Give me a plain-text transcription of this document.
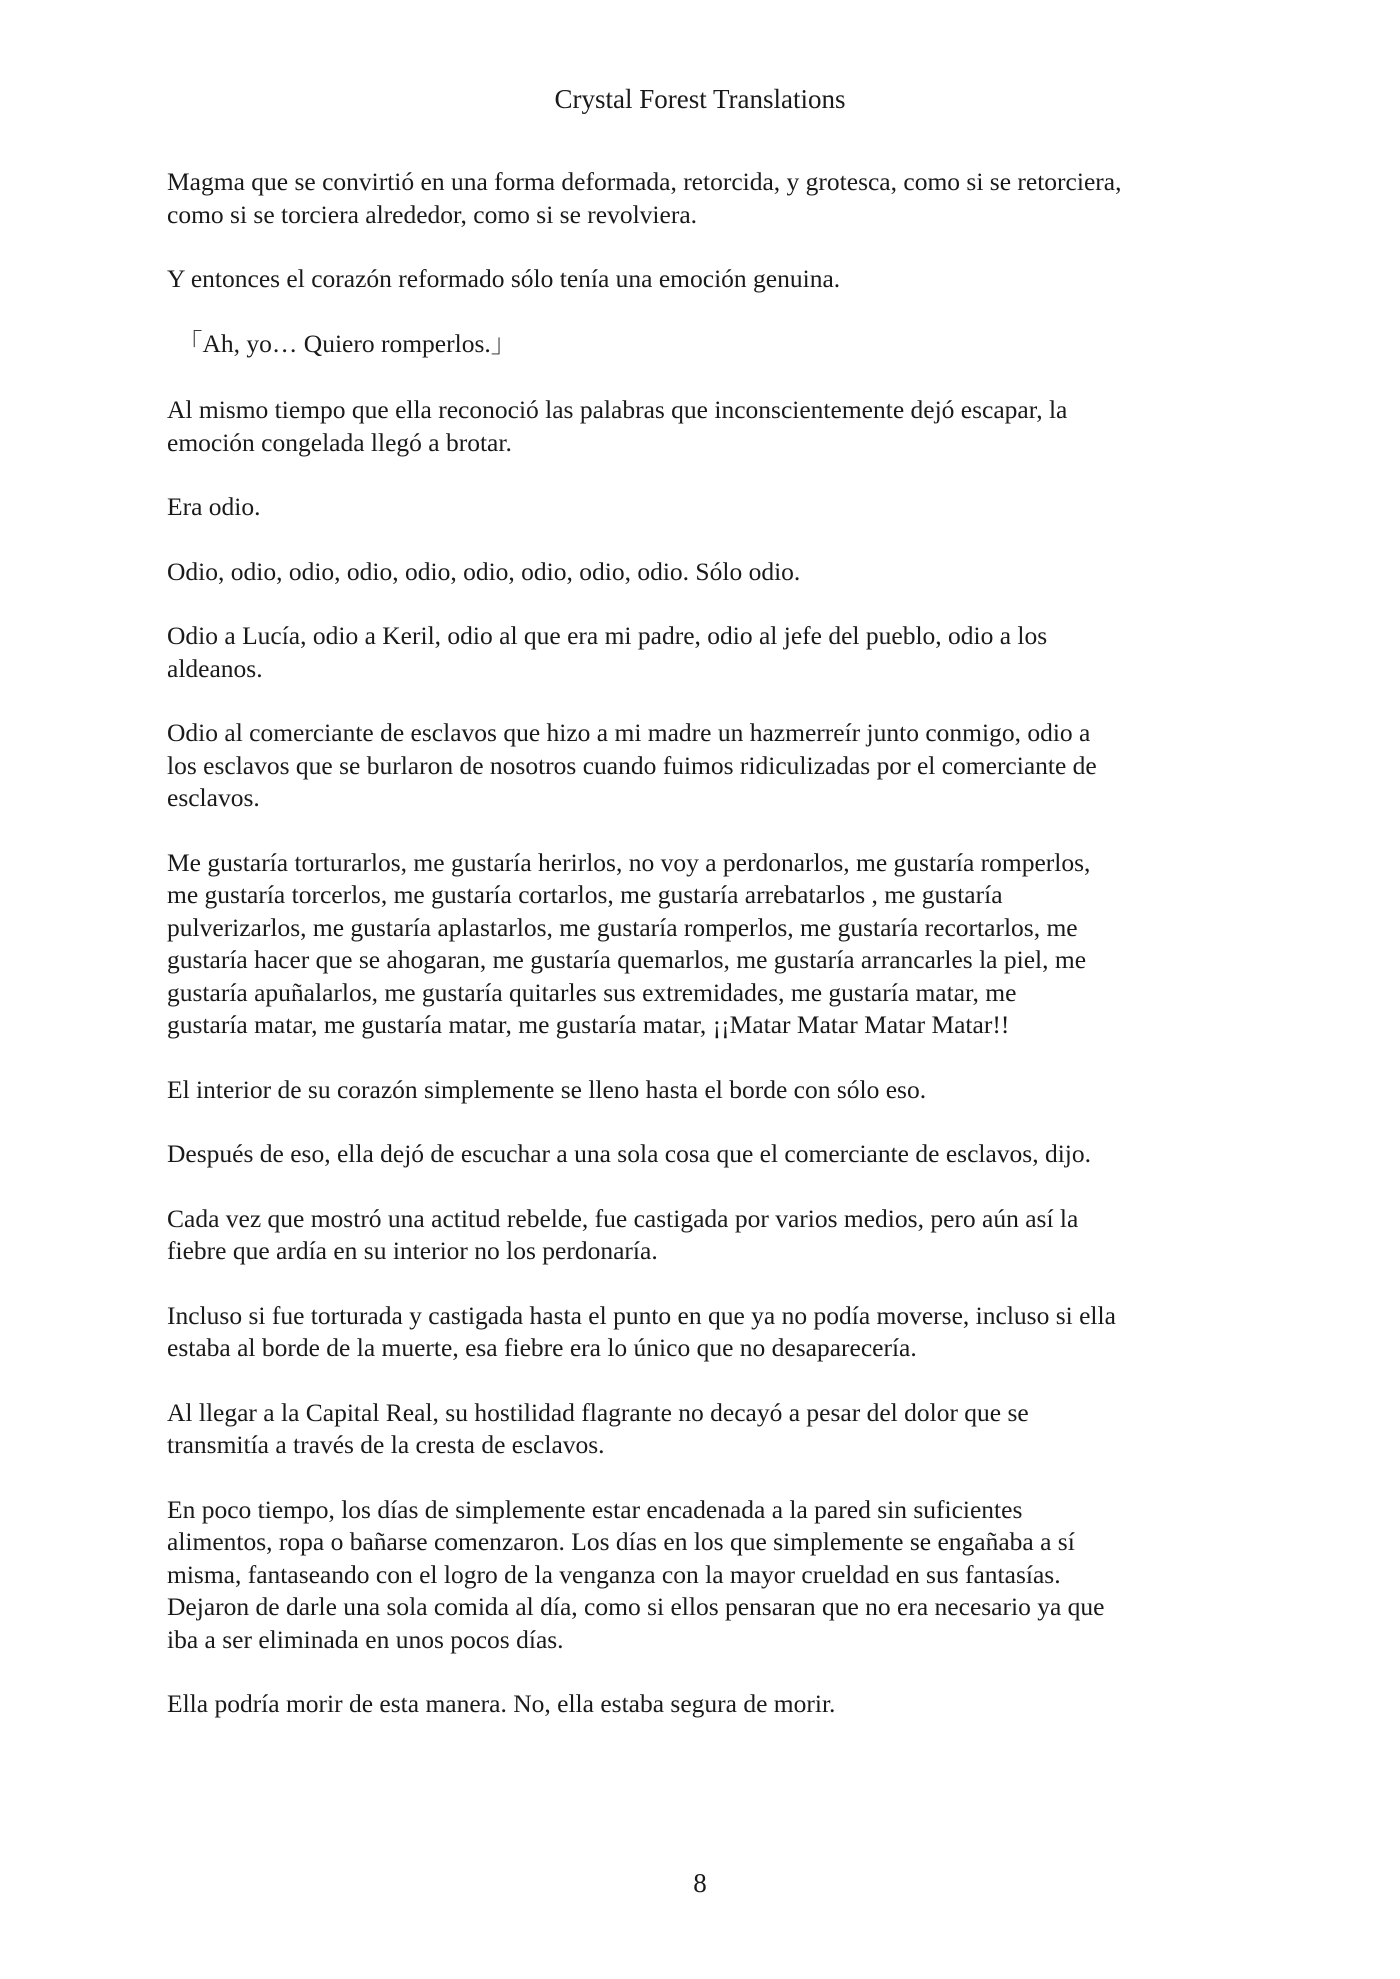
Crystal Forest Translations

Magma que se convirtió en una forma deformada, retorcida, y grotesca, como si se retorciera,
como si se torciera alrededor, como si se revolviera.

Y entonces el corazón reformado sólo tenía una emoción genuina.

「Ah, yo… Quiero romperlos.」

Al mismo tiempo que ella reconoció las palabras que inconscientemente dejó escapar, la
emoción congelada llegó a brotar.

Era odio.

Odio, odio, odio, odio, odio, odio, odio, odio, odio. Sólo odio.

Odio a Lucía, odio a Keril, odio al que era mi padre, odio al jefe del pueblo, odio a los
aldeanos.

Odio al comerciante de esclavos que hizo a mi madre un hazmerreír junto conmigo, odio a
los esclavos que se burlaron de nosotros cuando fuimos ridiculizadas por el comerciante de
esclavos.

Me gustaría torturarlos, me gustaría herirlos, no voy a perdonarlos, me gustaría romperlos,
me gustaría torcerlos, me gustaría cortarlos, me gustaría arrebatarlos , me gustaría
pulverizarlos, me gustaría aplastarlos, me gustaría romperlos, me gustaría recortarlos, me
gustaría hacer que se ahogaran, me gustaría quemarlos, me gustaría arrancarles la piel, me
gustaría apuñalarlos, me gustaría quitarles sus extremidades, me gustaría matar, me
gustaría matar, me gustaría matar, me gustaría matar, ¡¡Matar Matar Matar Matar!!

El interior de su corazón simplemente se lleno hasta el borde con sólo eso.

Después de eso, ella dejó de escuchar a una sola cosa que el comerciante de esclavos, dijo.

Cada vez que mostró una actitud rebelde, fue castigada por varios medios, pero aún así la
fiebre que ardía en su interior no los perdonaría.

Incluso si fue torturada y castigada hasta el punto en que ya no podía moverse, incluso si ella
estaba al borde de la muerte, esa fiebre era lo único que no desaparecería.

Al llegar a la Capital Real, su hostilidad flagrante no decayó a pesar del dolor que se
transmitía a través de la cresta de esclavos.

En poco tiempo, los días de simplemente estar encadenada a la pared sin suficientes
alimentos, ropa o bañarse comenzaron. Los días en los que simplemente se engañaba a sí
misma, fantaseando con el logro de la venganza con la mayor crueldad en sus fantasías.
Dejaron de darle una sola comida al día, como si ellos pensaran que no era necesario ya que
iba a ser eliminada en unos pocos días.

Ella podría morir de esta manera. No, ella estaba segura de morir.

8
